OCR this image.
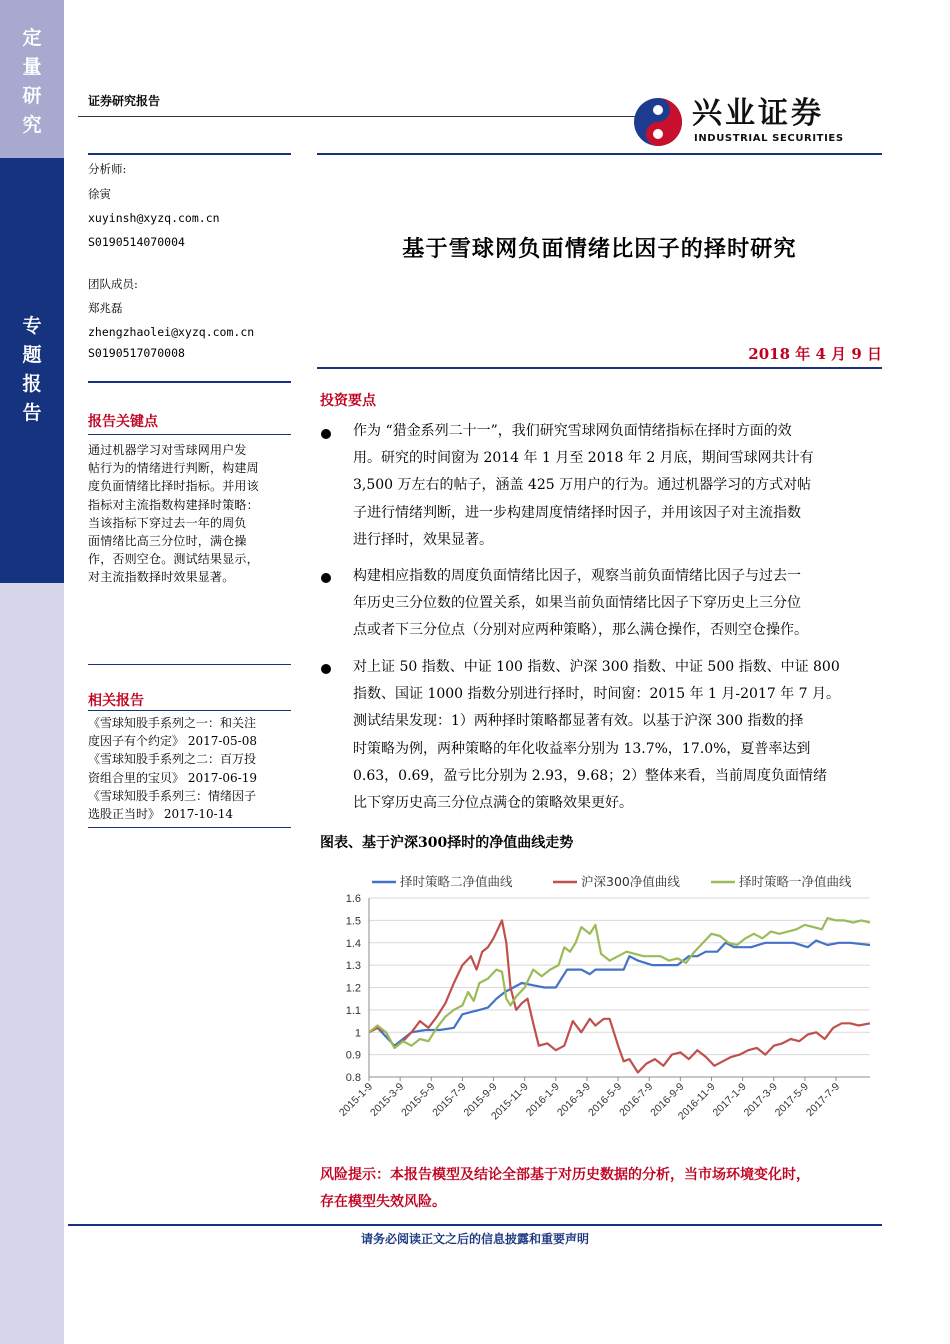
定
量
研
究
专
题
报
告
证券研究报告	兴业证券
INDUSTRIAL SECURITIES
分析师:
徐寅
xuyinsh@xyzq.com.cn
S0190514070004
团队成员:
郑兆磊
zhengzhaolei@xyzq.com.cn
S0190517070008
报告关键点
通过机器学习对雪球网用户发
帖行为的情绪进行判断，构建周
度负面情绪比择时指标。并用该
指标对主流指数构建择时策略：
当该指标下穿过去一年的周负
面情绪比高三分位时，满仓操
作，否则空仓。测试结果显示，
对主流指数择时效果显著。
相关报告
《雪球知股手系列之一：和关注
度因子有个约定》 2017-05-08
《雪球知股手系列之二：百万投
资组合里的宝贝》 2017-06-19
《雪球知股手系列三：情绪因子
选股正当时》 2017-10-14
基于雪球网负面情绪比因子的择时研究
2018 年 4 月 9 日
投资要点
作为 “猎金系列二十一”，我们研究雪球网负面情绪指标在择时方面的效
用。研究的时间窗为 2014 年 1 月至 2018 年 2 月底，期间雪球网共计有
3,500 万左右的帖子，涵盖 425 万用户的行为。通过机器学习的方式对帖
子进行情绪判断，进一步构建周度情绪择时因子，并用该因子对主流指数
进行择时，效果显著。
构建相应指数的周度负面情绪比因子，观察当前负面情绪比因子与过去一
年历史三分位数的位置关系，如果当前负面情绪比因子下穿历史上三分位
点或者下三分位点（分别对应两种策略），那么满仓操作，否则空仓操作。
对上证 50 指数、中证 100 指数、沪深 300 指数、中证 500 指数、中证 800
指数、国证 1000 指数分别进行择时，时间窗：2015 年 1 月-2017 年 7 月。
测试结果发现：1）两种择时策略都显著有效。以基于沪深 300 指数的择
时策略为例，两种策略的年化收益率分别为 13.7%，17.0%，夏普率达到
0.63，0.69，盈亏比分别为 2.93，9.68；2）整体来看，当前周度负面情绪
比下穿历史高三分位点满仓的策略效果更好。
图表、基于沪深300择时的净值曲线走势
择时策略二净值曲线	沪深300净值曲线	择时策略一净值曲线
0.8
0.9
1
1.1
1.2
1.3
1.4
1.5
1.6
2015-1-9
2015-3-9
2015-5-9
2015-7-9
2015-9-9
2015-11-9
2016-1-9
2016-3-9
2016-5-9
2016-7-9
2016-9-9
2016-11-9
2017-1-9
2017-3-9
2017-5-9
2017-7-9
风险提示：本报告模型及结论全部基于对历史数据的分析，当市场环境变化时，
存在模型失效风险。
请务必阅读正文之后的信息披露和重要声明
